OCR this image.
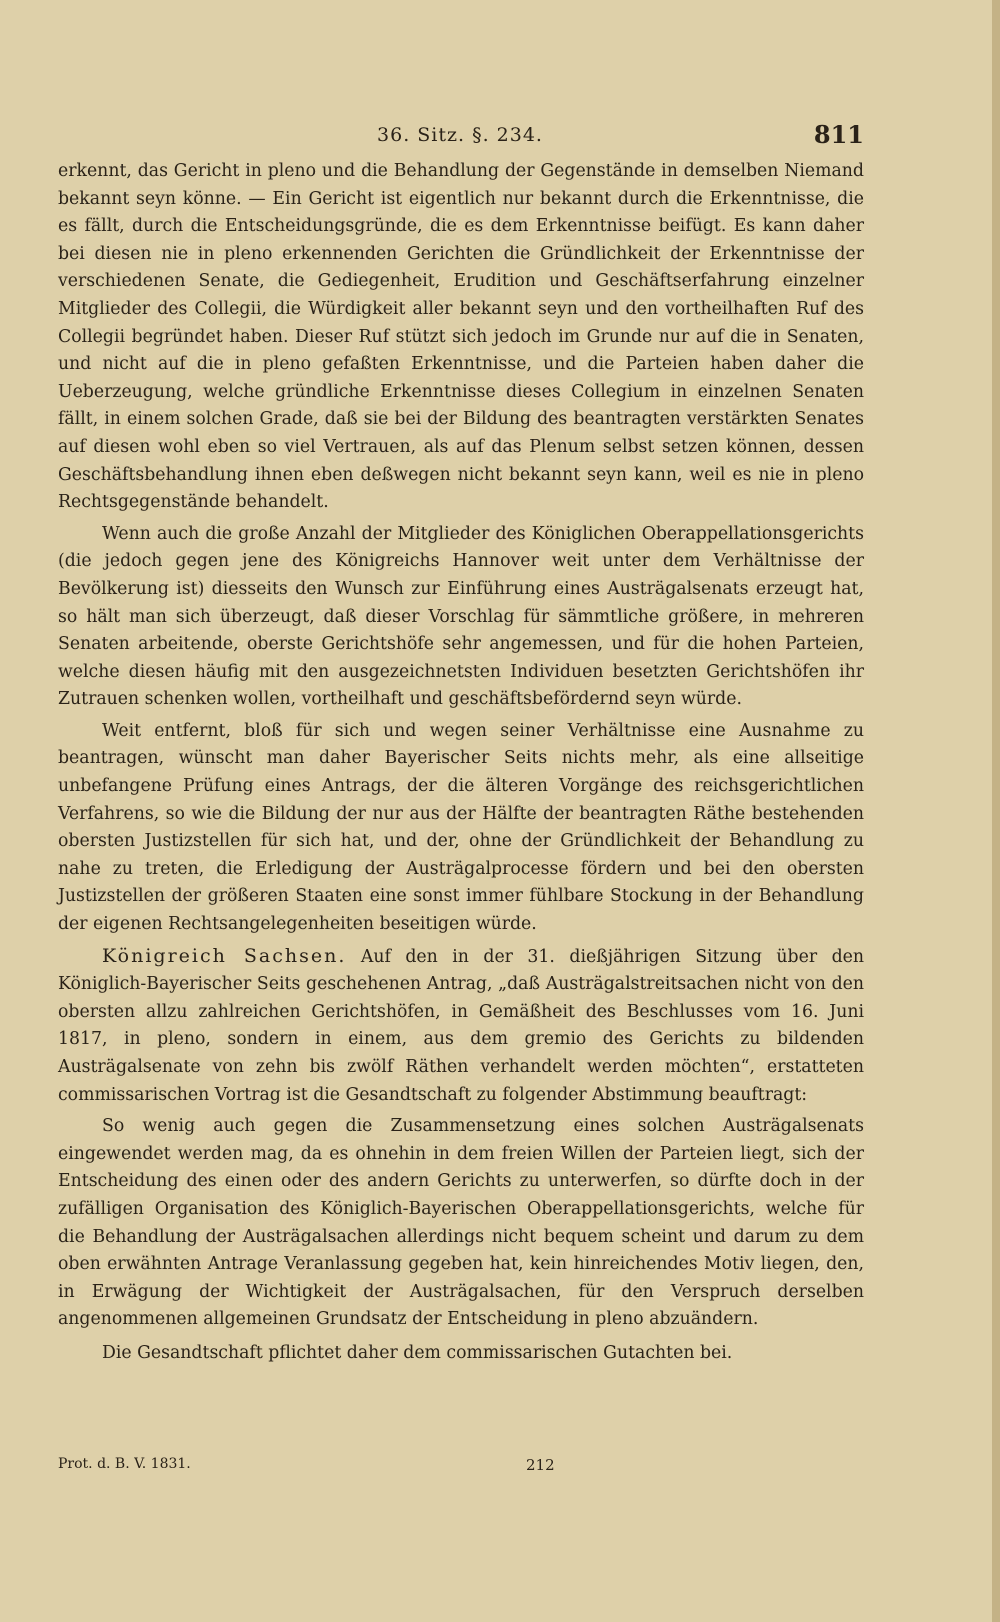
36. Sitz. §. 234.	811

erkennt, das Gericht in pleno und die Behandlung der Gegenstände in demselben Niemand bekannt seyn könne. — Ein Gericht ist eigentlich nur bekannt durch die Erkenntnisse, die es fällt, durch die Entscheidungsgründe, die es dem Erkenntnisse beifügt. Es kann daher bei diesen nie in pleno erkennenden Gerichten die Gründlichkeit der Erkenntnisse der verschiedenen Senate, die Gediegenheit, Erudition und Geschäftserfahrung einzelner Mitglieder des Collegii, die Würdigkeit aller bekannt seyn und den vortheilhaften Ruf des Collegii begründet haben. Dieser Ruf stützt sich jedoch im Grunde nur auf die in Senaten, und nicht auf die in pleno gefaßten Erkenntnisse, und die Parteien haben daher die Ueberzeugung, welche gründliche Erkenntnisse dieses Collegium in einzelnen Senaten fällt, in einem solchen Grade, daß sie bei der Bildung des beantragten verstärkten Senates auf diesen wohl eben so viel Vertrauen, als auf das Plenum selbst setzen können, dessen Geschäftsbehandlung ihnen eben deßwegen nicht bekannt seyn kann, weil es nie in pleno Rechtsgegenstände behandelt.

Wenn auch die große Anzahl der Mitglieder des Königlichen Oberappellationsgerichts (die jedoch gegen jene des Königreichs Hannover weit unter dem Verhältnisse der Bevölkerung ist) diesseits den Wunsch zur Einführung eines Austrägalsenats erzeugt hat, so hält man sich überzeugt, daß dieser Vorschlag für sämmtliche größere, in mehreren Senaten arbeitende, oberste Gerichtshöfe sehr angemessen, und für die hohen Parteien, welche diesen häufig mit den ausgezeichnetsten Individuen besetzten Gerichtshöfen ihr Zutrauen schenken wollen, vortheilhaft und geschäftsbefördernd seyn würde.

Weit entfernt, bloß für sich und wegen seiner Verhältnisse eine Ausnahme zu beantragen, wünscht man daher Bayerischer Seits nichts mehr, als eine allseitige unbefangene Prüfung eines Antrags, der die älteren Vorgänge des reichsgerichtlichen Verfahrens, so wie die Bildung der nur aus der Hälfte der beantragten Räthe bestehenden obersten Justizstellen für sich hat, und der, ohne der Gründlichkeit der Behandlung zu nahe zu treten, die Erledigung der Austrägalprocesse fördern und bei den obersten Justizstellen der größeren Staaten eine sonst immer fühlbare Stockung in der Behandlung der eigenen Rechtsangelegenheiten beseitigen würde.

Königreich Sachsen. Auf den in der 31. dießjährigen Sitzung über den Königlich-Bayerischer Seits geschehenen Antrag, „daß Austrägalstreitsachen nicht von den obersten allzu zahlreichen Gerichtshöfen, in Gemäßheit des Beschlusses vom 16. Juni 1817, in pleno, sondern in einem, aus dem gremio des Gerichts zu bildenden Austrägalsenate von zehn bis zwölf Räthen verhandelt werden möchten“, erstatteten commissarischen Vortrag ist die Gesandtschaft zu folgender Abstimmung beauftragt:

So wenig auch gegen die Zusammensetzung eines solchen Austrägalsenats eingewendet werden mag, da es ohnehin in dem freien Willen der Parteien liegt, sich der Entscheidung des einen oder des andern Gerichts zu unterwerfen, so dürfte doch in der zufälligen Organisation des Königlich-Bayerischen Oberappellationsgerichts, welche für die Behandlung der Austrägalsachen allerdings nicht bequem scheint und darum zu dem oben erwähnten Antrage Veranlassung gegeben hat, kein hinreichendes Motiv liegen, den, in Erwägung der Wichtigkeit der Austrägalsachen, für den Verspruch derselben angenommenen allgemeinen Grundsatz der Entscheidung in pleno abzuändern.

Die Gesandtschaft pflichtet daher dem commissarischen Gutachten bei.

Prot. d. B. V. 1831.	212
